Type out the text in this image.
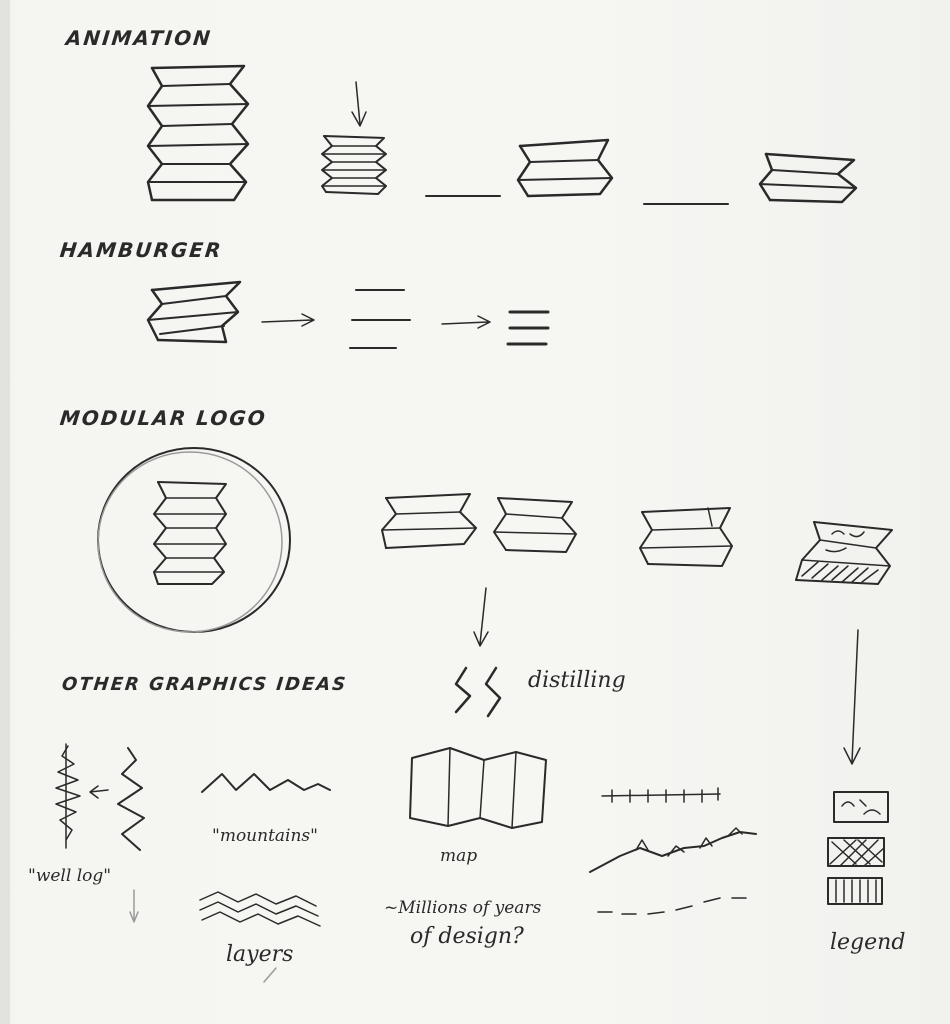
ANIMATION
HAMBURGER
MODULAR LOGO
OTHER GRAPHICS IDEAS	distilling
"well log"
"mountains"
map
layers
~Millions of years
of design?	legend
